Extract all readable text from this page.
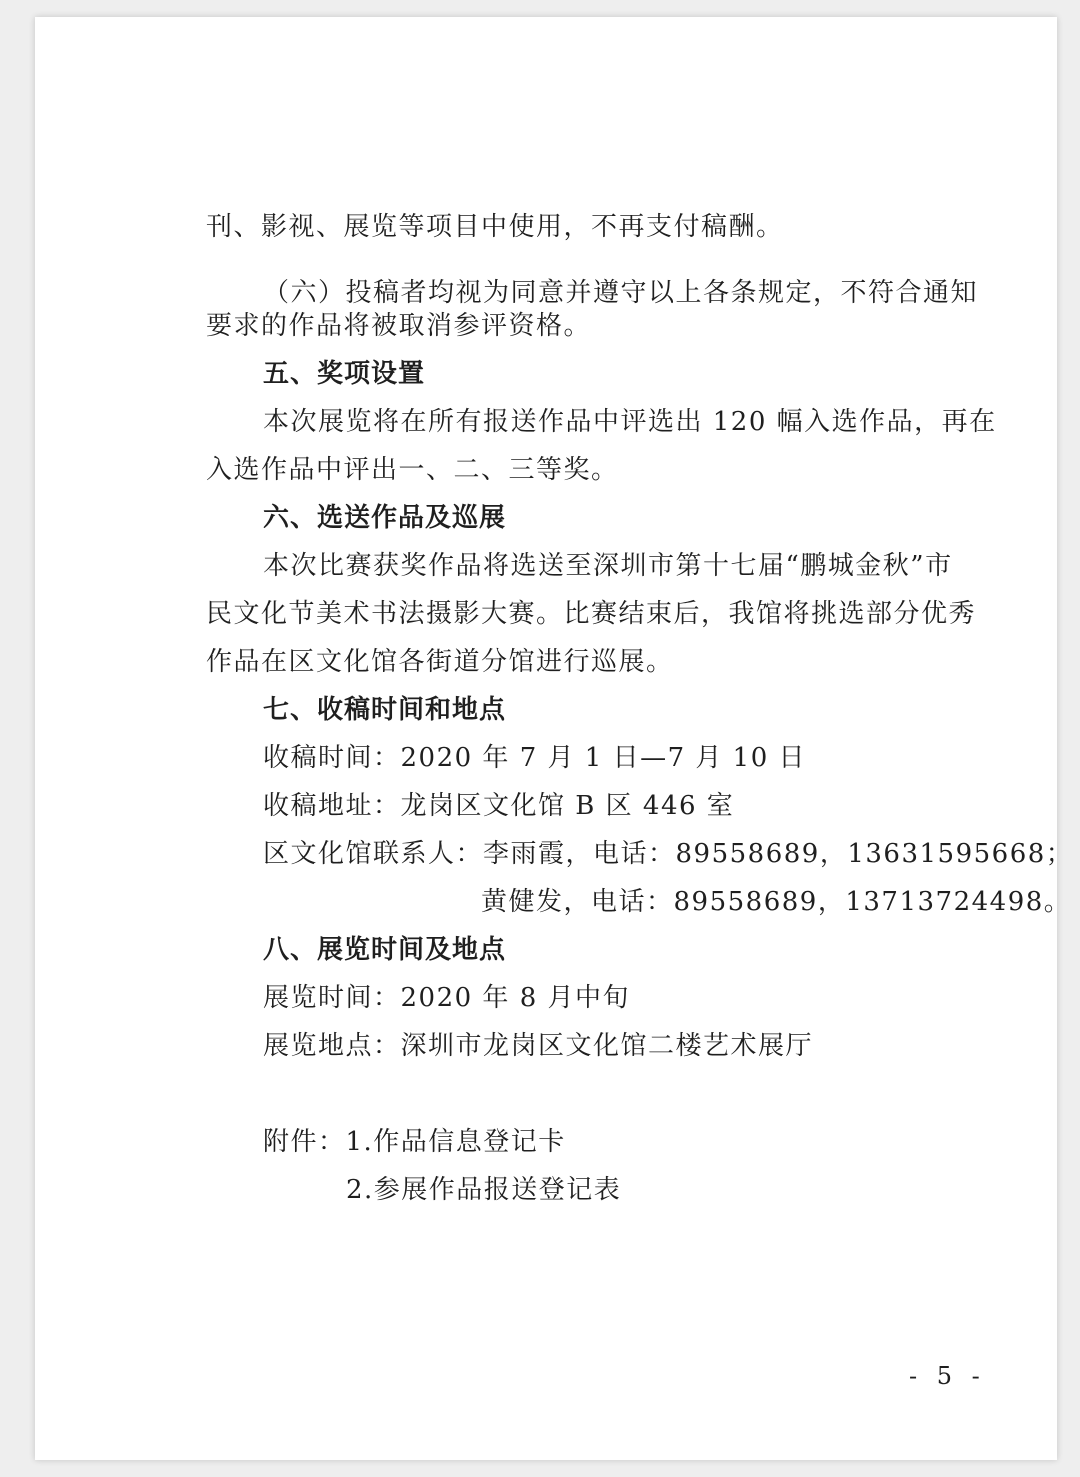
刊、影视、展览等项目中使用，不再支付稿酬。
（六）投稿者均视为同意并遵守以上各条规定，不符合通知
要求的作品将被取消参评资格。
五、奖项设置
本次展览将在所有报送作品中评选出 120 幅入选作品，再在
入选作品中评出一、二、三等奖。
六、选送作品及巡展
本次比赛获奖作品将选送至深圳市第十七届“鹏城金秋”市
民文化节美术书法摄影大赛。比赛结束后，我馆将挑选部分优秀
作品在区文化馆各街道分馆进行巡展。
七、收稿时间和地点
收稿时间：2020 年 7 月 1 日—7 月 10 日
收稿地址：龙岗区文化馆 B 区 446 室
区文化馆联系人：李雨霞，电话：89558689，13631595668；
黄健发，电话：89558689，13713724498。
八、展览时间及地点
展览时间：2020 年 8 月中旬
展览地点：深圳市龙岗区文化馆二楼艺术展厅
附件：1.作品信息登记卡
2.参展作品报送登记表
- 5 -
